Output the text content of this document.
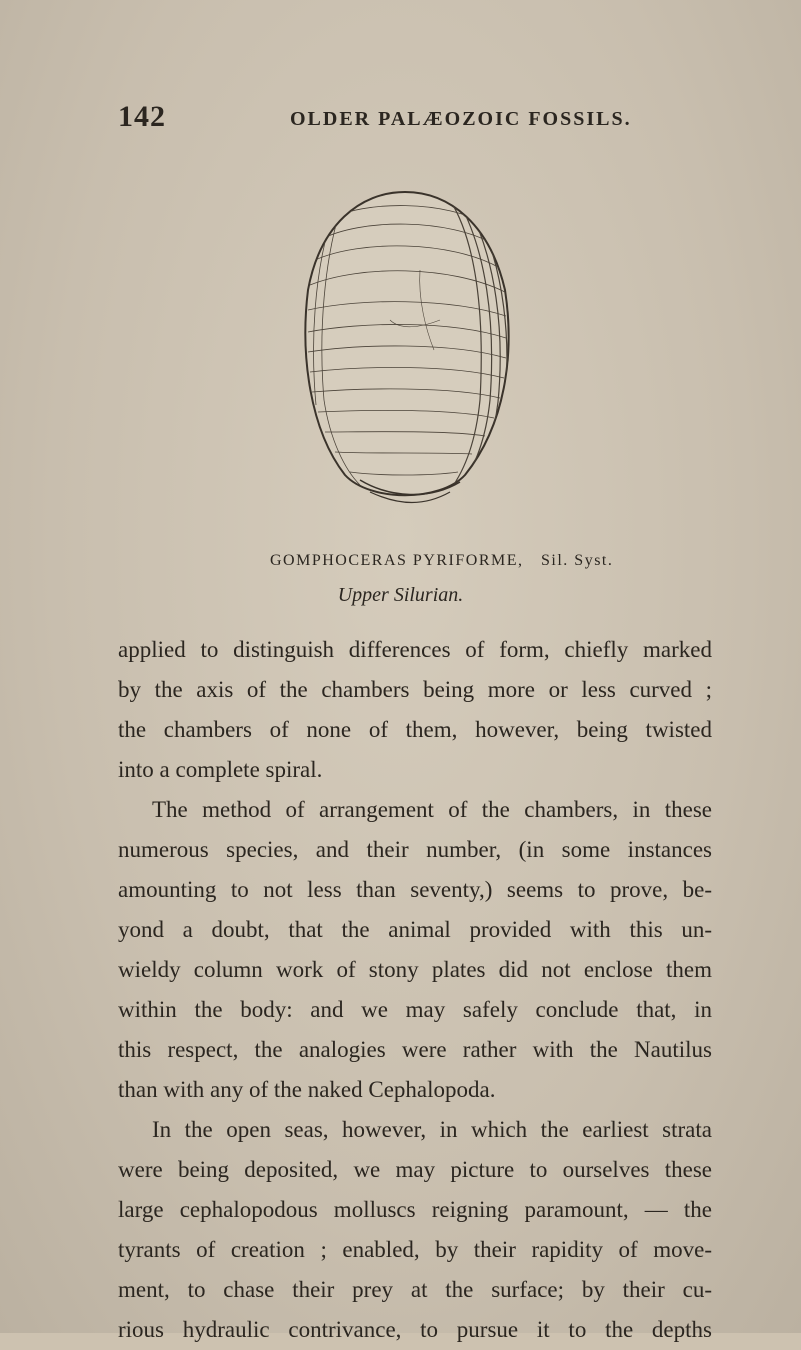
142	OLDER PALÆOZOIC FOSSILS.
GOMPHOCERAS PYRIFORME, Sil. Syst.
Upper Silurian.
applied to distinguish differences of form, chiefly marked
by the axis of the chambers being more or less curved ;
the chambers of none of them, however, being twisted
into a complete spiral.
The method of arrangement of the chambers, in these
numerous species, and their number, (in some instances
amounting to not less than seventy,) seems to prove, be-
yond a doubt, that the animal provided with this un-
wieldy column work of stony plates did not enclose them
within the body: and we may safely conclude that, in
this respect, the analogies were rather with the Nautilus
than with any of the naked Cephalopoda.
In the open seas, however, in which the earliest strata
were being deposited, we may picture to ourselves these
large cephalopodous molluscs reigning paramount, — the
tyrants of creation ; enabled, by their rapidity of move-
ment, to chase their prey at the surface; by their cu-
rious hydraulic contrivance, to pursue it to the depths
